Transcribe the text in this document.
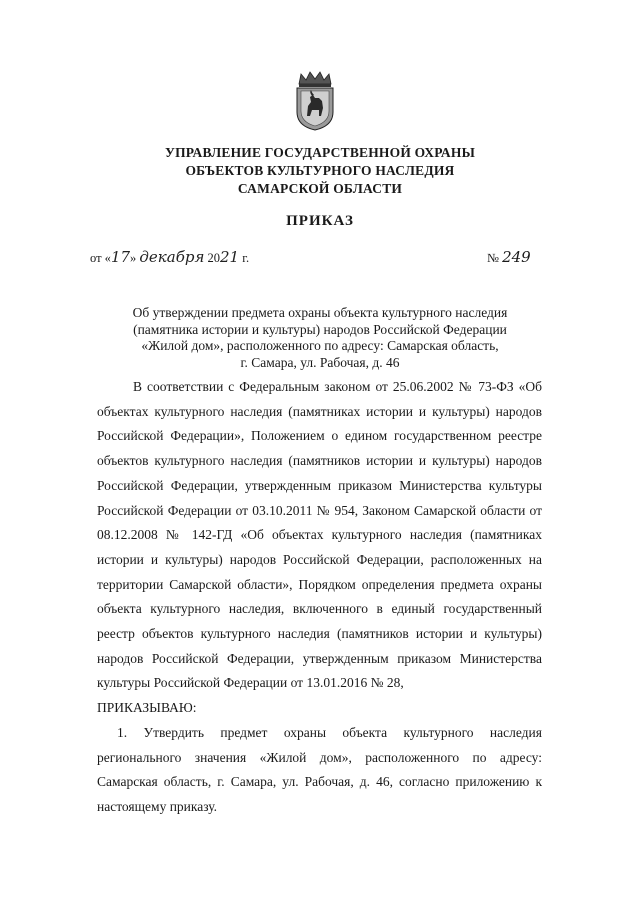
УПРАВЛЕНИЕ ГОСУДАРСТВЕННОЙ ОХРАНЫ
ОБЪЕКТОВ КУЛЬТУРНОГО НАСЛЕДИЯ
САМАРСКОЙ ОБЛАСТИ
ПРИКАЗ
от «17» декабря 2021 г.	№ 249
Об утверждении предмета охраны объекта культурного наследия
(памятника истории и культуры) народов Российской Федерации
«Жилой дом», расположенного по адресу: Самарская область,
г. Самара, ул. Рабочая, д. 46

В соответствии с Федеральным законом от 25.06.2002 № 73-ФЗ «Об объектах культурного наследия (памятниках истории и культуры) народов Российской Федерации», Положением о едином государственном реестре объектов культурного наследия (памятников истории и культуры) народов Российской Федерации, утвержденным приказом Министерства культуры Российской Федерации от 03.10.2011 № 954, Законом Самарской области от 08.12.2008 № 142-ГД «Об объектах культурного наследия (памятниках истории и культуры) народов Российской Федерации, расположенных на территории Самарской области», Порядком определения предмета охраны объекта культурного наследия, включенного в единый государственный реестр объектов культурного наследия (памятников истории и культуры) народов Российской Федерации, утвержденным приказом Министерства культуры Российской Федерации от 13.01.2016 № 28,

ПРИКАЗЫВАЮ:

1. Утвердить предмет охраны объекта культурного наследия регионального значения «Жилой дом», расположенного по адресу: Самарская область, г. Самара, ул. Рабочая, д. 46, согласно приложению к настоящему приказу.
